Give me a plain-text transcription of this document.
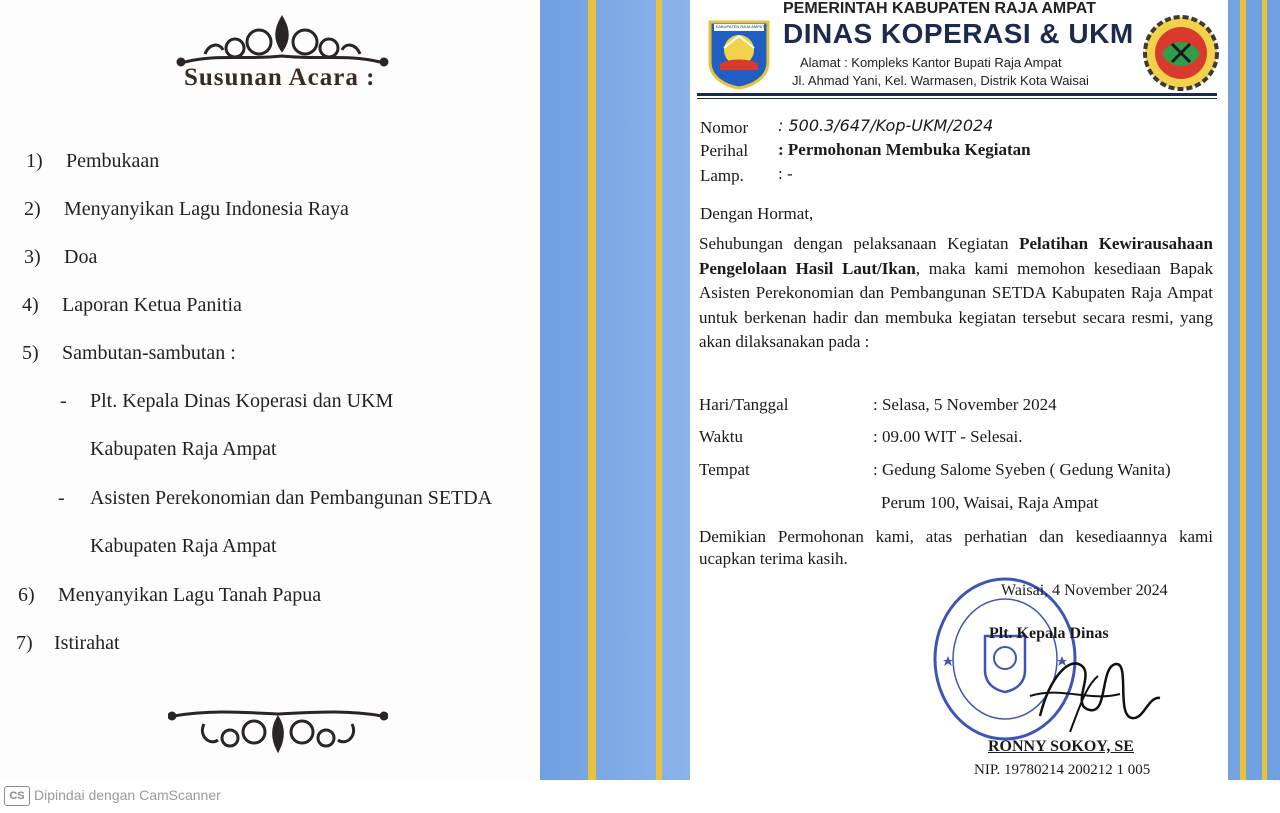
Susunan Acara :
1) Pembukaan
2) Menyanyikan Lagu Indonesia Raya
3) Doa
4) Laporan Ketua Panitia
5) Sambutan-sambutan :
- Plt. Kepala Dinas Koperasi dan UKM
Kabupaten Raja Ampat
- Asisten Perekonomian dan Pembangunan SETDA
Kabupaten Raja Ampat
6) Menyanyikan Lagu Tanah Papua
7) Istirahat
KABUPATEN RAJA AMPAT
PEMERINTAH KABUPATEN RAJA AMPAT
DINAS KOPERASI & UKM
Alamat : Kompleks Kantor Bupati Raja Ampat
Jl. Ahmad Yani, Kel. Warmasen, Distrik Kota Waisai
Nomor : 500.3/647/Kop-UKM/2024
Perihal : Permohonan Membuka Kegiatan
Lamp. : -
Dengan Hormat,
Sehubungan dengan pelaksanaan Kegiatan Pelatihan Kewirausahaan Pengelolaan Hasil Laut/Ikan, maka kami memohon kesediaan Bapak Asisten Perekonomian dan Pembangunan SETDA Kabupaten Raja Ampat untuk berkenan hadir dan membuka kegiatan tersebut secara resmi, yang akan dilaksanakan pada :
Hari/Tanggal	: Selasa, 5 November 2024
Waktu	: 09.00 WIT - Selesai.
Tempat	: Gedung Salome Syeben ( Gedung Wanita)
Perum 100, Waisai, Raja Ampat
Demikian Permohonan kami, atas perhatian dan kesediaannya kami ucapkan terima kasih.
Waisai, 4 November 2024
Plt. Kepala Dinas
RONNY SOKOY, SE
NIP. 19780214 200212 1 005
CS Dipindai dengan CamScanner
